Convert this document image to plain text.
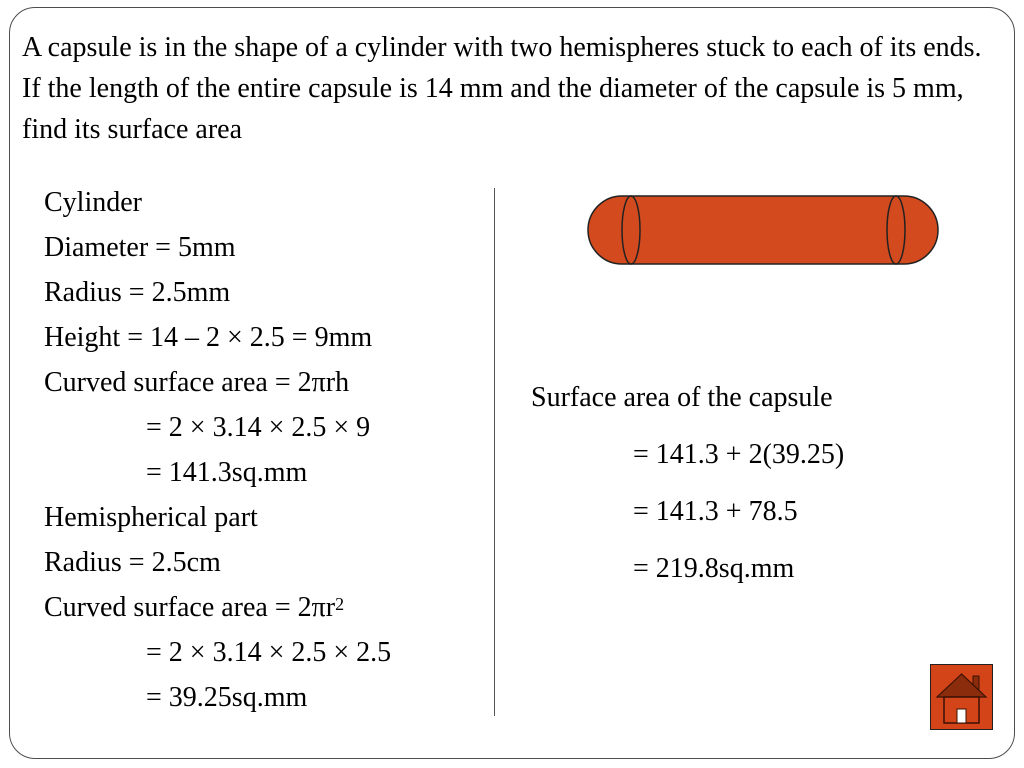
A capsule is in the shape of a cylinder with two hemispheres stuck to each of its ends. If the length of the entire capsule is 14 mm and the diameter of the capsule is 5 mm, find its surface area

Cylinder
Diameter = 5mm
Radius = 2.5mm
Height = 14 – 2 × 2.5 = 9mm
Curved surface area = 2πrh
= 2 × 3.14 × 2.5 × 9
= 141.3sq.mm
Hemispherical part
Radius = 2.5cm
Curved surface area = $2\pi r^2$
= 2 × 3.14 × 2.5 × 2.5
= 39.25sq.mm
Surface area of the capsule
= 141.3 + 2(39.25)
= 141.3 + 78.5
= 219.8sq.mm
